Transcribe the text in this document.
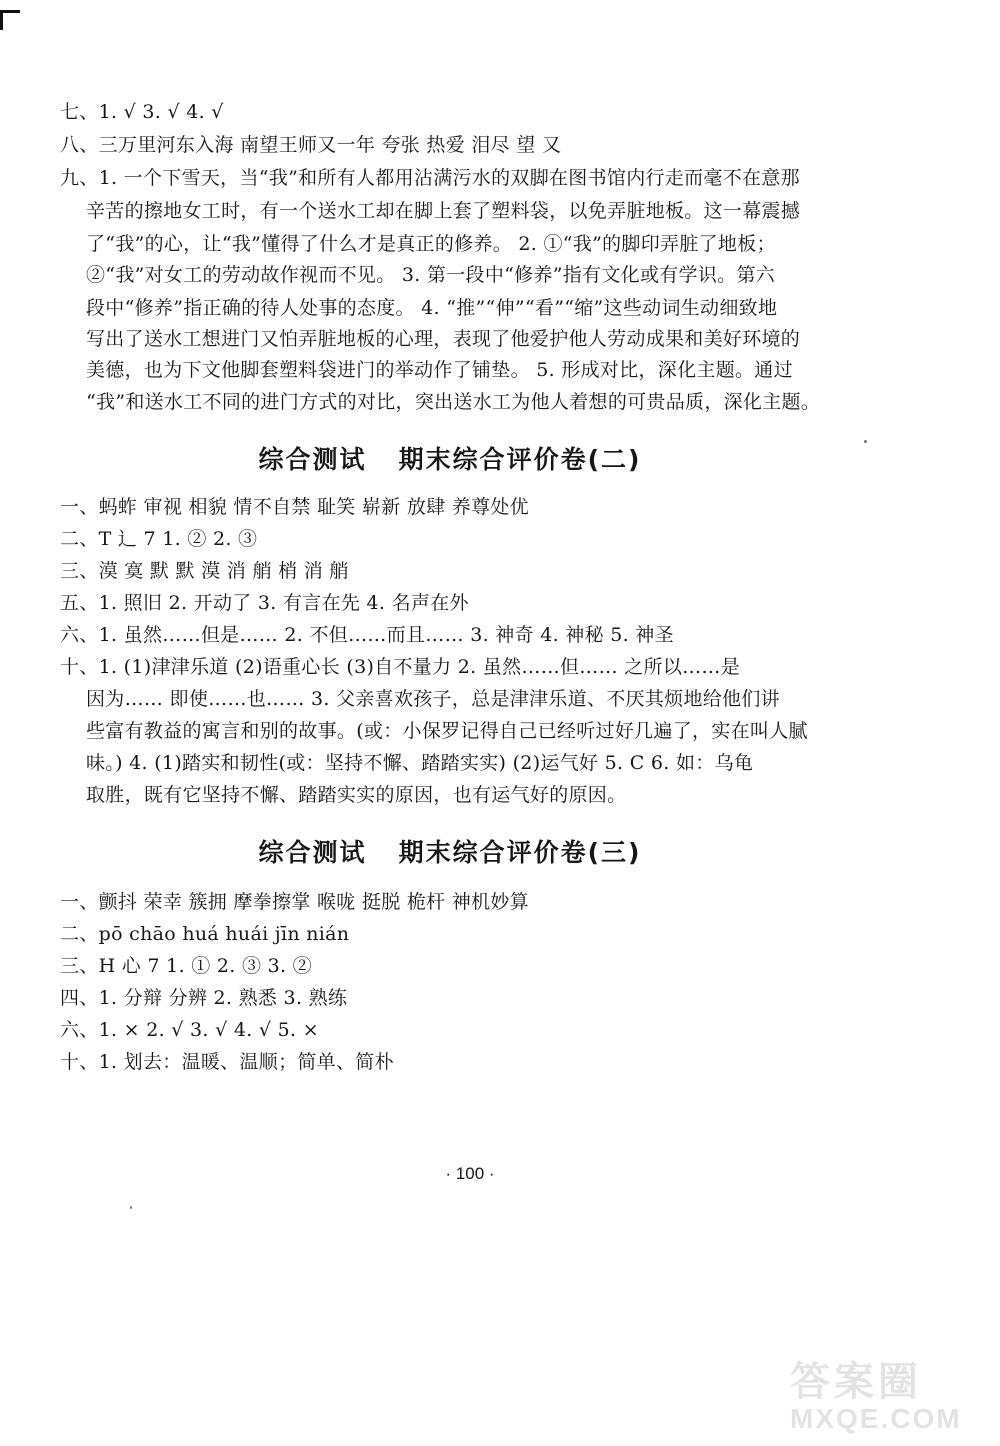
七、1. √ 3. √ 4. √
八、三万里河东入海 南望王师又一年 夸张 热爱 泪尽 望 又
九、1. 一个下雪天，当“我”和所有人都用沾满污水的双脚在图书馆内行走而毫不在意那
辛苦的擦地女工时，有一个送水工却在脚上套了塑料袋，以免弄脏地板。这一幕震撼
了“我”的心，让“我”懂得了什么才是真正的修养。 2. ①“我”的脚印弄脏了地板；
②“我”对女工的劳动故作视而不见。 3. 第一段中“修养”指有文化或有学识。第六
段中“修养”指正确的待人处事的态度。 4. “推”“伸”“看”“缩”这些动词生动细致地
写出了送水工想进门又怕弄脏地板的心理，表现了他爱护他人劳动成果和美好环境的
美德，也为下文他脚套塑料袋进门的举动作了铺垫。 5. 形成对比，深化主题。通过
“我”和送水工不同的进门方式的对比，突出送水工为他人着想的可贵品质，深化主题。
综合测试   期末综合评价卷(二)
一、蚂蚱 审视 相貌 情不自禁 耻笑 崭新 放肆 养尊处优
二、T 辶 7 1. ② 2. ③
三、漠 寞 默 默 漠 消 艄 梢 消 艄
五、1. 照旧 2. 开动了 3. 有言在先 4. 名声在外
六、1. 虽然……但是…… 2. 不但……而且…… 3. 神奇 4. 神秘 5. 神圣
十、1. (1)津津乐道 (2)语重心长 (3)自不量力 2. 虽然……但…… 之所以……是
因为…… 即使……也…… 3. 父亲喜欢孩子，总是津津乐道、不厌其烦地给他们讲
些富有教益的寓言和别的故事。(或：小保罗记得自己已经听过好几遍了，实在叫人腻
味。) 4. (1)踏实和韧性(或：坚持不懈、踏踏实实) (2)运气好 5. C 6. 如：乌龟
取胜，既有它坚持不懈、踏踏实实的原因，也有运气好的原因。
综合测试   期末综合评价卷(三)
一、颤抖 荣幸 簇拥 摩拳擦掌 喉咙 挺脱 桅杆 神机妙算
二、pō chāo huá huái jīn nián
三、H 心 7 1. ① 2. ③ 3. ②
四、1. 分辩 分辨 2. 熟悉 3. 熟练
六、1. × 2. √ 3. √ 4. √ 5. ×
十、1. 划去：温暖、温顺；简单、简朴
· 100 ·
答案圈
MXQE.COM
